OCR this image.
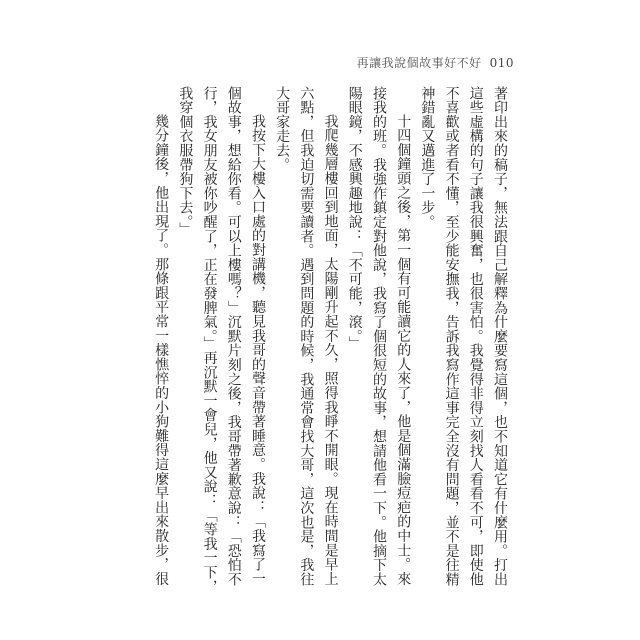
再讓我說個故事好不好 010

著印出來的稿子，無法跟自己解釋為什麼要寫這個，也不知道它有什麼用。打出這些虛構的句子讓我很興奮，也很害怕。我覺得非得立刻找人看看不可，即使他不喜歡或者看不懂，至少能安撫我，告訴我寫作這事完全沒有問題，並不是往精神錯亂又邁進了一步。

十四個鐘頭之後，第一個有可能讀它的人來了，他是個滿臉痘疤的中士。來接我的班。我強作鎮定對他說，我寫了個很短的故事，想請他看一下。他摘下太陽眼鏡，不感興趣地說：「不可能，滾。」

我爬幾層樓回到地面，太陽剛升起不久，照得我睜不開眼。現在時間是早上六點，但我迫切需要讀者。遇到問題的時候，我通常會找大哥，這次也是，我往大哥家走去。

我按下大樓入口處的對講機，聽見我哥的聲音帶著睡意。我說：「我寫了一個故事，想給你看。可以上樓嗎？」沉默片刻之後，我哥帶著歉意說：「恐怕不行，我女朋友被你吵醒了，正在發脾氣。」再沉默一會兒，他又說：「等我一下，我穿個衣服帶狗下去。」

幾分鐘後，他出現了。那條跟平常一樣憔悴的小狗難得這麼早出來散步，很
